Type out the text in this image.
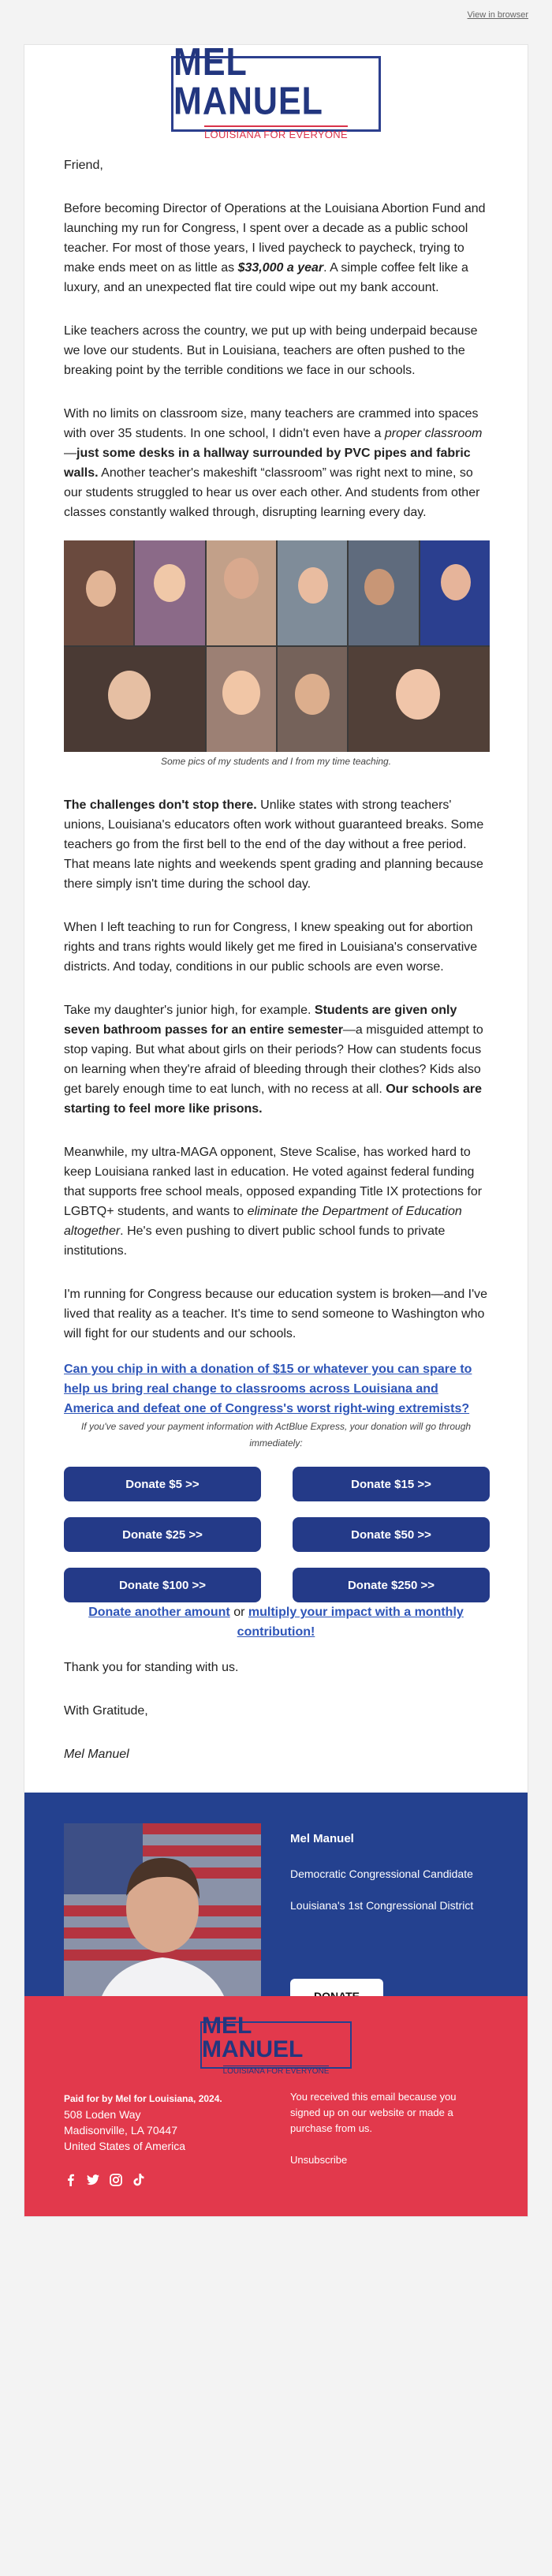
View in browser
MEL MANUEL
LOUISIANA FOR EVERYONE

Friend,

Before becoming Director of Operations at the Louisiana Abortion Fund and launching my run for Congress, I spent over a decade as a public school teacher. For most of those years, I lived paycheck to paycheck, trying to make ends meet on as little as $33,000 a year. A simple coffee felt like a luxury, and an unexpected flat tire could wipe out my bank account.

Like teachers across the country, we put up with being underpaid because we love our students. But in Louisiana, teachers are often pushed to the breaking point by the terrible conditions we face in our schools.

With no limits on classroom size, many teachers are crammed into spaces with over 35 students. In one school, I didn't even have a proper classroom—just some desks in a hallway surrounded by PVC pipes and fabric walls. Another teacher's makeshift “classroom” was right next to mine, so our students struggled to hear us over each other. And students from other classes constantly walked through, disrupting learning every day.

Some pics of my students and I from my time teaching.

The challenges don't stop there. Unlike states with strong teachers' unions, Louisiana's educators often work without guaranteed breaks. Some teachers go from the first bell to the end of the day without a free period. That means late nights and weekends spent grading and planning because there simply isn't time during the school day.

When I left teaching to run for Congress, I knew speaking out for abortion rights and trans rights would likely get me fired in Louisiana's conservative districts. And today, conditions in our public schools are even worse.

Take my daughter's junior high, for example. Students are given only seven bathroom passes for an entire semester—a misguided attempt to stop vaping. But what about girls on their periods? How can students focus on learning when they're afraid of bleeding through their clothes? Kids also get barely enough time to eat lunch, with no recess at all. Our schools are starting to feel more like prisons.

Meanwhile, my ultra-MAGA opponent, Steve Scalise, has worked hard to keep Louisiana ranked last in education. He voted against federal funding that supports free school meals, opposed expanding Title IX protections for LGBTQ+ students, and wants to eliminate the Department of Education altogether. He's even pushing to divert public school funds to private institutions.

I'm running for Congress because our education system is broken—and I've lived that reality as a teacher. It's time to send someone to Washington who will fight for our students and our schools.

Can you chip in with a donation of $15 or whatever you can spare to help us bring real change to classrooms across Louisiana and America and defeat one of Congress's worst right-wing extremists?

If you've saved your payment information with ActBlue Express, your donation will go through immediately:

Donate $5 >>	Donate $15 >>
Donate $25 >>	Donate $50 >>
Donate $100 >>	Donate $250 >>

Donate another amount or multiply your impact with a monthly contribution!

Thank you for standing with us.

With Gratitude,

Mel Manuel

Mel Manuel
Democratic Congressional Candidate
Louisiana's 1st Congressional District
MEL MANUEL
LOUISIANA FOR EVERYONE
Paid for by Mel for Louisiana, 2024.
508 Loden Way
Madisonville, LA 70447
United States of America
You received this email because you signed up on our website or made a purchase from us.
Unsubscribe
